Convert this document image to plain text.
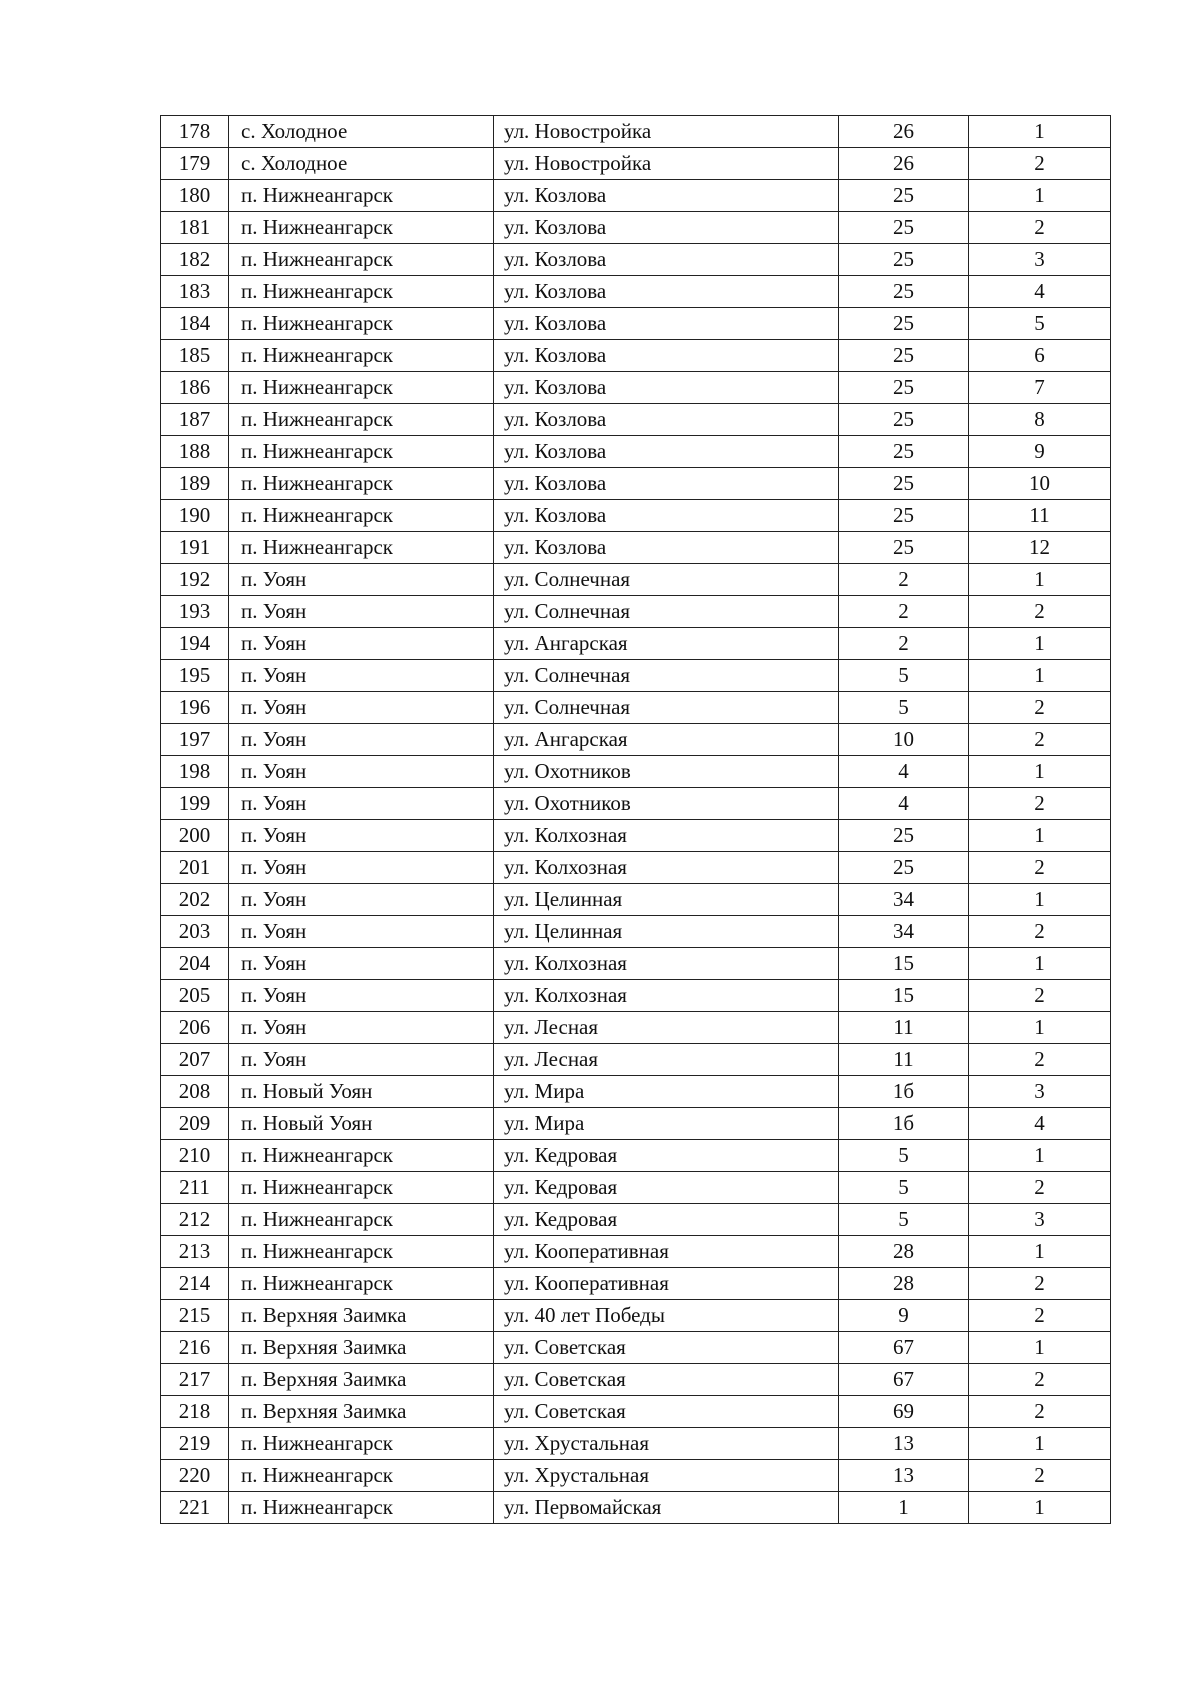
178	с. Холодное	ул. Новостройка	26	1
179	с. Холодное	ул. Новостройка	26	2
180	п. Нижнеангарск	ул. Козлова	25	1
181	п. Нижнеангарск	ул. Козлова	25	2
182	п. Нижнеангарск	ул. Козлова	25	3
183	п. Нижнеангарск	ул. Козлова	25	4
184	п. Нижнеангарск	ул. Козлова	25	5
185	п. Нижнеангарск	ул. Козлова	25	6
186	п. Нижнеангарск	ул. Козлова	25	7
187	п. Нижнеангарск	ул. Козлова	25	8
188	п. Нижнеангарск	ул. Козлова	25	9
189	п. Нижнеангарск	ул. Козлова	25	10
190	п. Нижнеангарск	ул. Козлова	25	11
191	п. Нижнеангарск	ул. Козлова	25	12
192	п. Уоян	ул. Солнечная	2	1
193	п. Уоян	ул. Солнечная	2	2
194	п. Уоян	ул. Ангарская	2	1
195	п. Уоян	ул. Солнечная	5	1
196	п. Уоян	ул. Солнечная	5	2
197	п. Уоян	ул. Ангарская	10	2
198	п. Уоян	ул. Охотников	4	1
199	п. Уоян	ул. Охотников	4	2
200	п. Уоян	ул. Колхозная	25	1
201	п. Уоян	ул. Колхозная	25	2
202	п. Уоян	ул. Целинная	34	1
203	п. Уоян	ул. Целинная	34	2
204	п. Уоян	ул. Колхозная	15	1
205	п. Уоян	ул. Колхозная	15	2
206	п. Уоян	ул. Лесная	11	1
207	п. Уоян	ул. Лесная	11	2
208	п. Новый Уоян	ул. Мира	1б	3
209	п. Новый Уоян	ул. Мира	1б	4
210	п. Нижнеангарск	ул. Кедровая	5	1
211	п. Нижнеангарск	ул. Кедровая	5	2
212	п. Нижнеангарск	ул. Кедровая	5	3
213	п. Нижнеангарск	ул. Кооперативная	28	1
214	п. Нижнеангарск	ул. Кооперативная	28	2
215	п. Верхняя Заимка	ул. 40 лет Победы	9	2
216	п. Верхняя Заимка	ул. Советская	67	1
217	п. Верхняя Заимка	ул. Советская	67	2
218	п. Верхняя Заимка	ул. Советская	69	2
219	п. Нижнеангарск	ул. Хрустальная	13	1
220	п. Нижнеангарск	ул. Хрустальная	13	2
221	п. Нижнеангарск	ул. Первомайская	1	1
